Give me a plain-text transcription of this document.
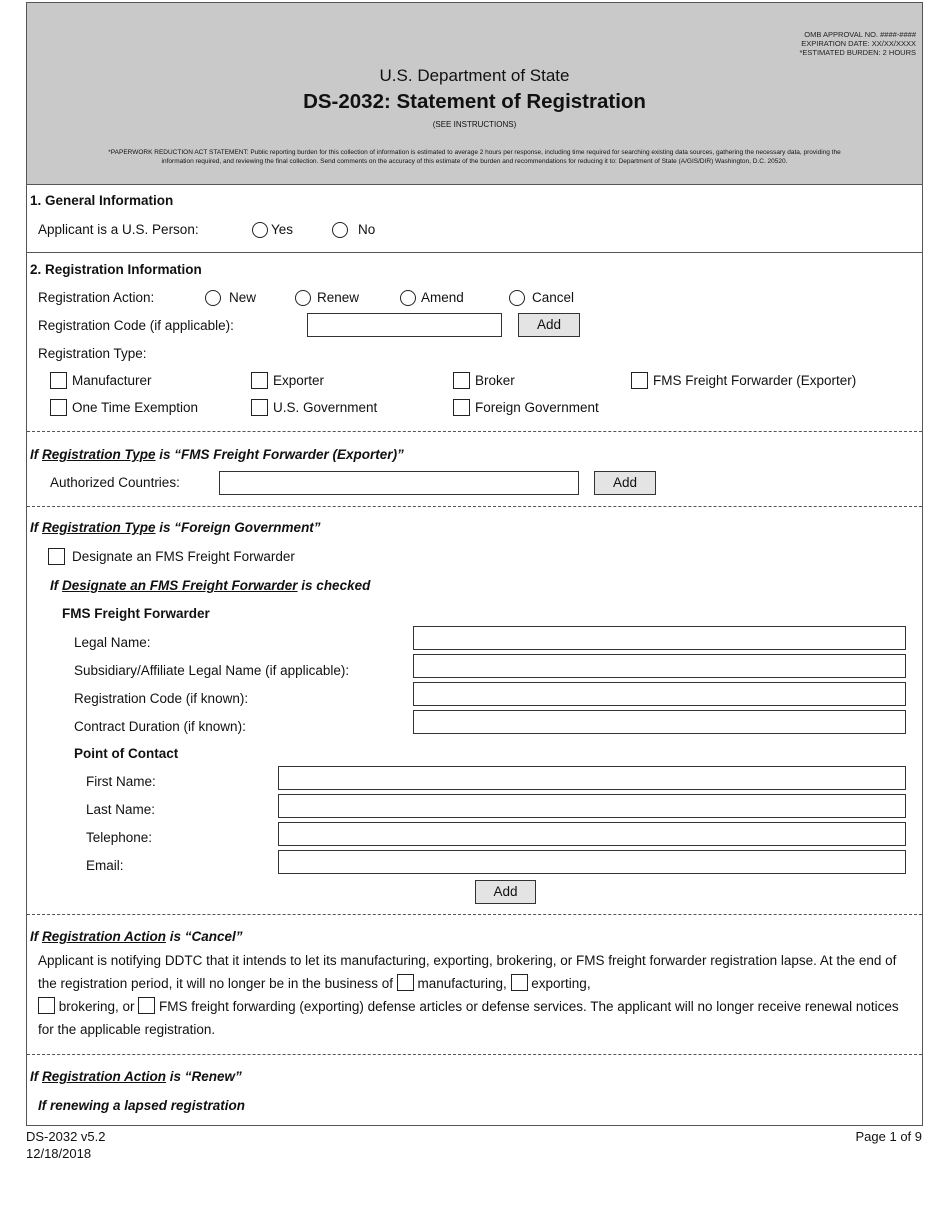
OMB APPROVAL NO. ####-####
EXPIRATION DATE: XX/XX/XXXX
*ESTIMATED BURDEN: 2 HOURS
U.S. Department of State
DS-2032: Statement of Registration
(SEE INSTRUCTIONS)
*PAPERWORK REDUCTION ACT STATEMENT: Public reporting burden for this collection of information is estimated to average 2 hours per response, including time required for searching existing data sources, gathering the necessary data, providing the information required, and reviewing the final collection. Send comments on the accuracy of this estimate of the burden and recommendations for reducing it to: Department of State (A/GIS/DIR) Washington, D.C. 20520.
1. General Information
Applicant is a U.S. Person:	Yes	No
2. Registration Information
Registration Action:	New	Renew	Amend	Cancel
Registration Code (if applicable):	Add
Registration Type:
Manufacturer	Exporter	Broker	FMS Freight Forwarder (Exporter)
One Time Exemption	U.S. Government	Foreign Government
If Registration Type is “FMS Freight Forwarder (Exporter)”
Authorized Countries:	Add
If Registration Type is “Foreign Government”
Designate an FMS Freight Forwarder
If Designate an FMS Freight Forwarder is checked
FMS Freight Forwarder
Legal Name:
Subsidiary/Affiliate Legal Name (if applicable):
Registration Code (if known):
Contract Duration (if known):
Point of Contact
First Name:
Last Name:
Telephone:
Email:
Add
If Registration Action is “Cancel”
Applicant is notifying DDTC that it intends to let its manufacturing, exporting, brokering, or FMS freight forwarder registration lapse. At the end of the registration period, it will no longer be in the business of  manufacturing,  exporting,
brokering, or  FMS freight forwarding (exporting) defense articles or defense services. The applicant will no longer receive renewal notices for the applicable registration.
If Registration Action is “Renew”
If renewing a lapsed registration
DS-2032 v5.2
12/18/2018
Page 1 of 9
